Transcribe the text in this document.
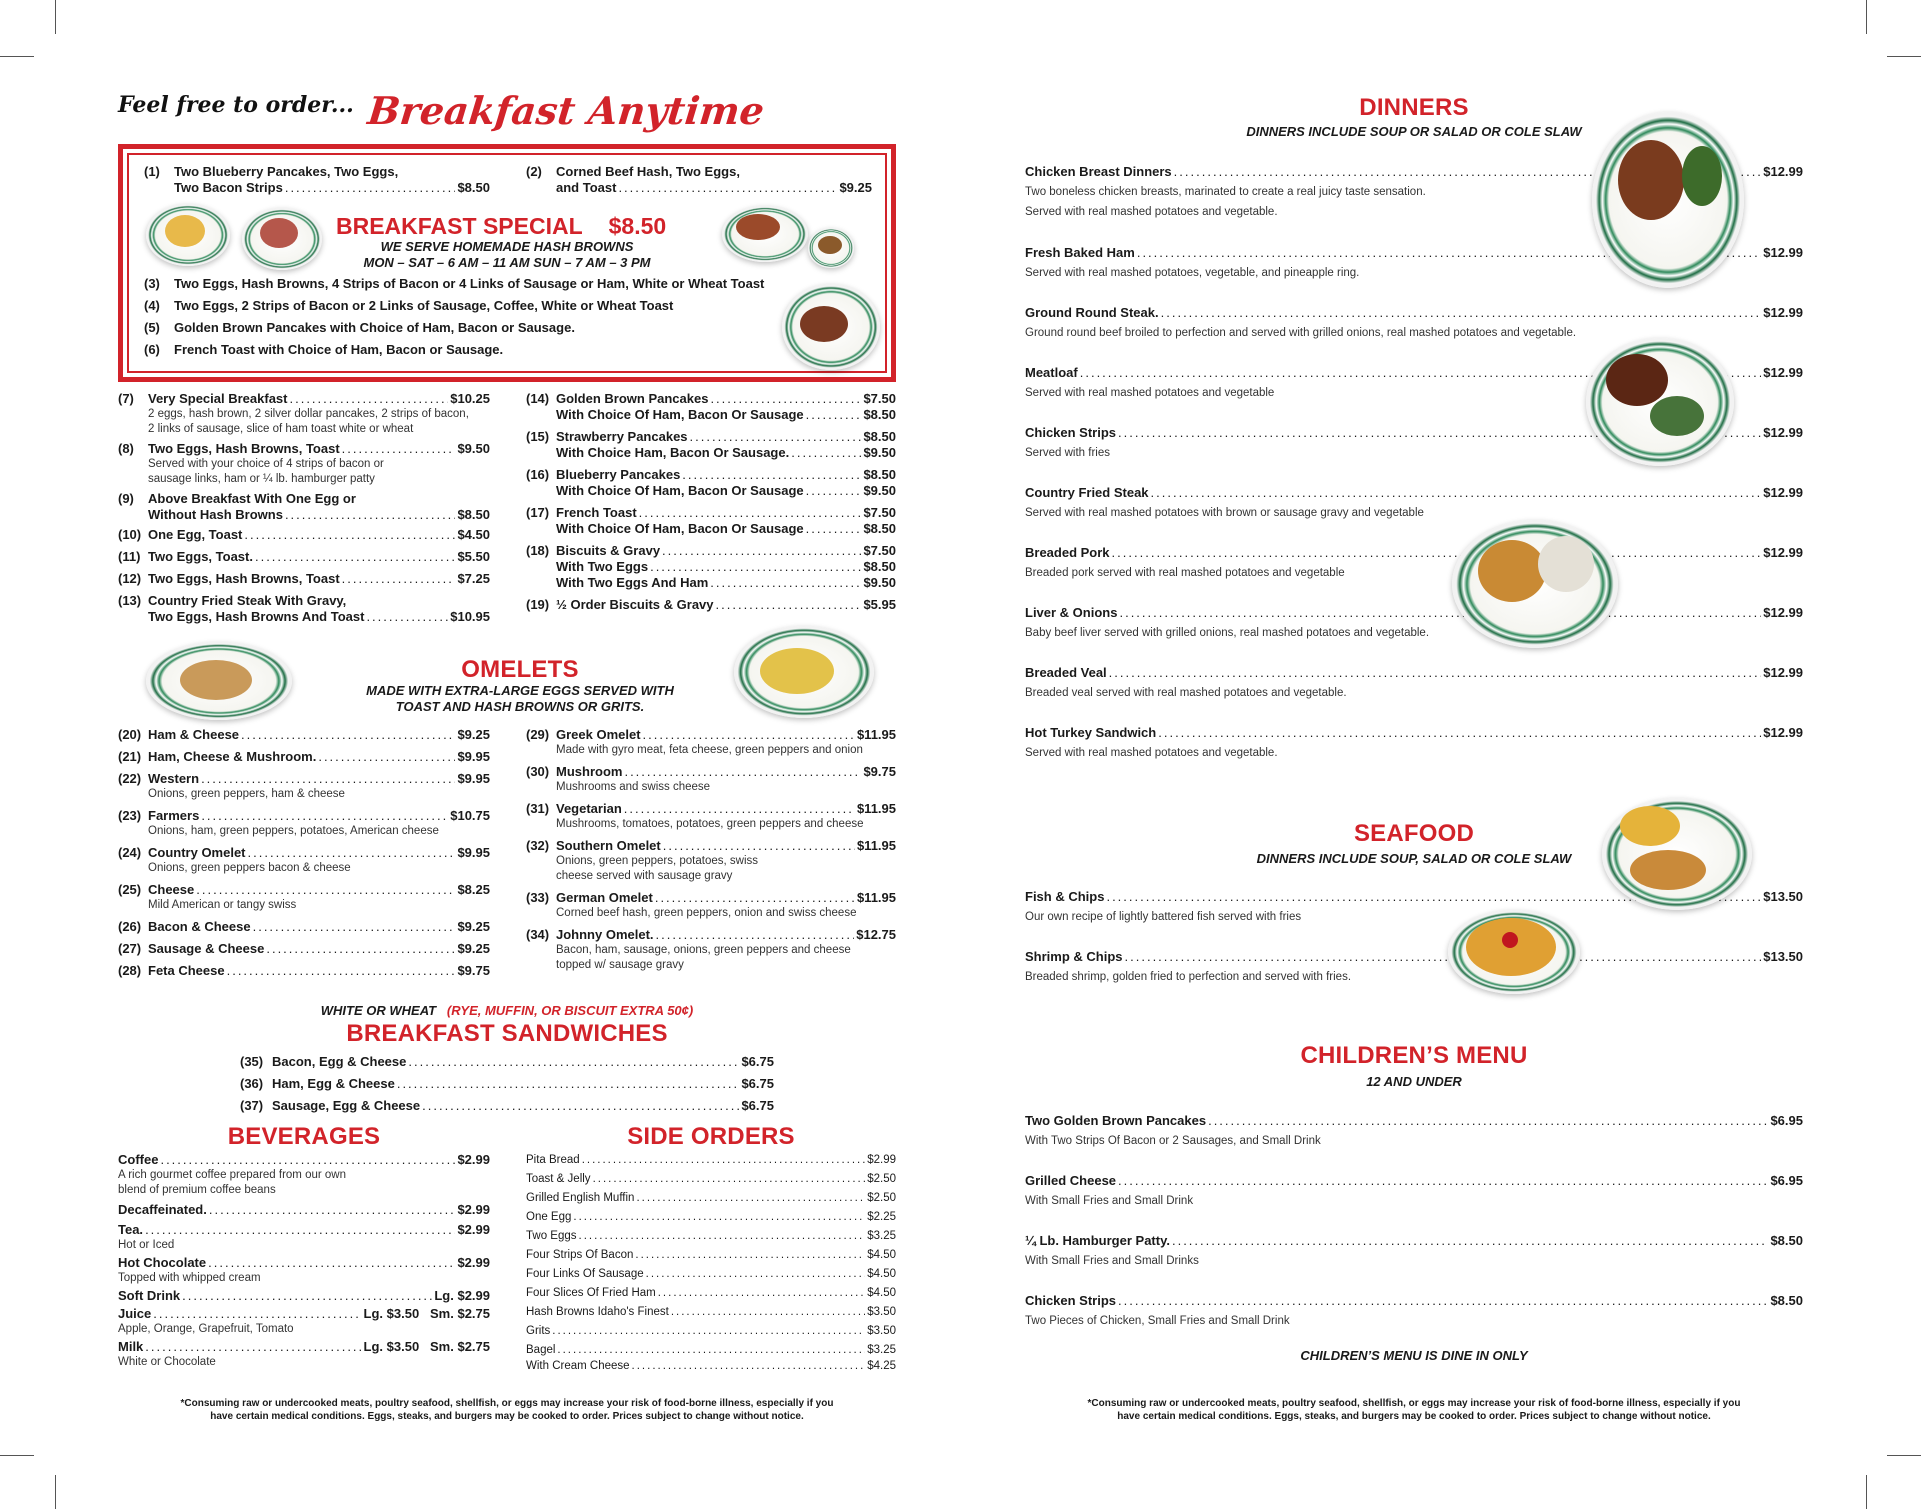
Feel free to order... Breakfast Anytime
(1)	Two Blueberry Pancakes, Two Eggs,
Two Bacon Strips .....	$8.50
(2)	Corned Beef Hash, Two Eggs,
and Toast .....	$9.25
BREAKFAST SPECIAL $8.50
WE SERVE HOMEMADE HASH BROWNS
MON – SAT – 6 AM – 11 AM SUN – 7 AM – 3 PM
(3)	Two Eggs, Hash Browns, 4 Strips of Bacon or 4 Links of Sausage or Ham, White or Wheat Toast
(4)	Two Eggs, 2 Strips of Bacon or 2 Links of Sausage, Coffee, White or Wheat Toast
(5)	Golden Brown Pancakes with Choice of Ham, Bacon or Sausage.
(6)	French Toast with Choice of Ham, Bacon or Sausage.
(7)	Very Special Breakfast .....	$10.25
2 eggs, hash brown, 2 silver dollar pancakes, 2 strips of bacon,
2 links of sausage, slice of ham toast white or wheat
(8)	Two Eggs, Hash Browns, Toast .....	$9.50
Served with your choice of 4 strips of bacon or
sausage links, ham or ¼ lb. hamburger patty
(9)	Above Breakfast With One Egg or
Without Hash Browns .....	$8.50
(10) One Egg, Toast .....	$4.50
(11) Two Eggs, Toast. .....	$5.50
(12) Two Eggs, Hash Browns, Toast .....	$7.25
(13) Country Fried Steak With Gravy,
Two Eggs, Hash Browns And Toast .....	$10.95
(14) Golden Brown Pancakes .....	$7.50
With Choice Of Ham, Bacon Or Sausage .....	$8.50
(15) Strawberry Pancakes .....	$8.50
With Choice Ham, Bacon Or Sausage. .....	$9.50
(16) Blueberry Pancakes .....	$8.50
With Choice Of Ham, Bacon Or Sausage .....	$9.50
(17) French Toast .....	$7.50
With Choice Of Ham, Bacon Or Sausage .....	$8.50
(18) Biscuits & Gravy .....	$7.50
With Two Eggs .....	$8.50
With Two Eggs And Ham .....	$9.50
(19) ½ Order Biscuits & Gravy .....	$5.95
OMELETS
MADE WITH EXTRA-LARGE EGGS SERVED WITH
TOAST AND HASH BROWNS OR GRITS.
(20) Ham & Cheese .....	$9.25
(21) Ham, Cheese & Mushroom. .....	$9.95
(22) Western .....	$9.95
Onions, green peppers, ham & cheese
(23) Farmers .....	$10.75
Onions, ham, green peppers, potatoes, American cheese
(24) Country Omelet .....	$9.95
Onions, green peppers bacon & cheese
(25) Cheese .....	$8.25
Mild American or tangy swiss
(26) Bacon & Cheese .....	$9.25
(27) Sausage & Cheese .....	$9.25
(28) Feta Cheese .....	$9.75
(29) Greek Omelet .....	$11.95
Made with gyro meat, feta cheese, green peppers and onion
(30) Mushroom .....	$9.75
Mushrooms and swiss cheese
(31) Vegetarian .....	$11.95
Mushrooms, tomatoes, potatoes, green peppers and cheese
(32) Southern Omelet .....	$11.95
Onions, green peppers, potatoes, swiss
cheese served with sausage gravy
(33) German Omelet .....	$11.95
Corned beef hash, green peppers, onion and swiss cheese
(34) Johnny Omelet. .....	$12.75
Bacon, ham, sausage, onions, green peppers and cheese
topped w/ sausage gravy
WHITE OR WHEAT (RYE, MUFFIN, OR BISCUIT EXTRA 50¢)
BREAKFAST SANDWICHES
(35) Bacon, Egg & Cheese .....	$6.75
(36) Ham, Egg & Cheese .....	$6.75
(37) Sausage, Egg & Cheese .....	$6.75
BEVERAGES
Coffee .....	$2.99
A rich gourmet coffee prepared from our own
blend of premium coffee beans
Decaffeinated. .....	$2.99
Tea. .....	$2.99
Hot or Iced
Hot Chocolate .....	$2.99
Topped with whipped cream
Soft Drink .....	Lg. $2.99
Juice .....	Lg. $3.50   Sm. $2.75
Apple, Orange, Grapefruit, Tomato
Milk .....	Lg. $3.50   Sm. $2.75
White or Chocolate
SIDE ORDERS
Pita Bread .....	$2.99
Toast & Jelly .....	$2.50
Grilled English Muffin .....	$2.50
One Egg .....	$2.25
Two Eggs .....	$3.25
Four Strips Of Bacon .....	$4.50
Four Links Of Sausage .....	$4.50
Four Slices Of Fried Ham .....	$4.50
Hash Browns Idaho's Finest .....	$3.50
Grits .....	$3.50
Bagel .....	$3.25
With Cream Cheese .....	$4.25
*Consuming raw or undercooked meats, poultry seafood, shellfish, or eggs may increase your risk of food-borne illness, especially if you
have certain medical conditions. Eggs, steaks, and burgers may be cooked to order. Prices subject to change without notice.
DINNERS
DINNERS INCLUDE SOUP OR SALAD OR COLE SLAW
Chicken Breast Dinners .....	$12.99
Two boneless chicken breasts, marinated to create a real juicy taste sensation.
Served with real mashed potatoes and vegetable.
Fresh Baked Ham .....	$12.99
Served with real mashed potatoes, vegetable, and pineapple ring.
Ground Round Steak. .....	$12.99
Ground round beef broiled to perfection and served with grilled onions, real mashed potatoes and vegetable.
Meatloaf .....	$12.99
Served with real mashed potatoes and vegetable
Chicken Strips .....	$12.99
Served with fries
Country Fried Steak .....	$12.99
Served with real mashed potatoes with brown or sausage gravy and vegetable
Breaded Pork .....	$12.99
Breaded pork served with real mashed potatoes and vegetable
Liver & Onions .....	$12.99
Baby beef liver served with grilled onions, real mashed potatoes and vegetable.
Breaded Veal .....	$12.99
Breaded veal served with real mashed potatoes and vegetable.
Hot Turkey Sandwich .....	$12.99
Served with real mashed potatoes and vegetable.
SEAFOOD
DINNERS INCLUDE SOUP, SALAD OR COLE SLAW
Fish & Chips .....	$13.50
Our own recipe of lightly battered fish served with fries
Shrimp & Chips .....	$13.50
Breaded shrimp, golden fried to perfection and served with fries.
CHILDREN’S MENU
12 AND UNDER
Two Golden Brown Pancakes .....	$6.95
With Two Strips Of Bacon or 2 Sausages, and Small Drink
Grilled Cheese .....	$6.95
With Small Fries and Small Drink
¼ Lb. Hamburger Patty. .....	$8.50
With Small Fries and Small Drinks
Chicken Strips .....	$8.50
Two Pieces of Chicken, Small Fries and Small Drink
CHILDREN’S MENU IS DINE IN ONLY
*Consuming raw or undercooked meats, poultry seafood, shellfish, or eggs may increase your risk of food-borne illness, especially if you
have certain medical conditions. Eggs, steaks, and burgers may be cooked to order. Prices subject to change without notice.
